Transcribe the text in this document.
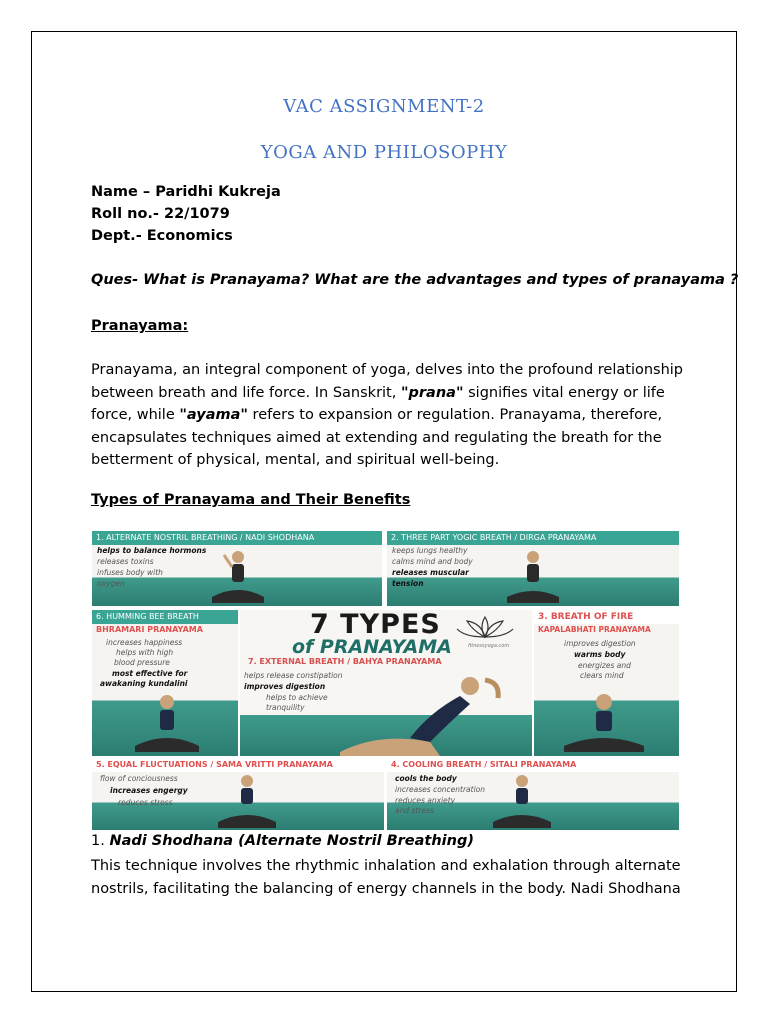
VAC ASSIGNMENT-2
YOGA AND PHILOSOPHY
Name – Paridhi Kukreja
Roll no.- 22/1079
Dept.- Economics
Ques- What is Pranayama? What are the advantages and types of pranayama ?
Pranayama:
Pranayama, an integral component of yoga, delves into the profound relationship between breath and life force. In Sanskrit, "prana" signifies vital energy or life force, while "ayama" refers to expansion or regulation. Pranayama, therefore, encapsulates techniques aimed at extending and regulating the breath for the betterment of physical, mental, and spiritual well-being.
Types of Pranayama and Their Benefits
1. ALTERNATE NOSTRIL BREATHING / NADI SHODHANA
helps to balance hormons
releases toxins
infuses body with
oxygen
2. THREE PART YOGIC BREATH / DIRGA PRANAYAMA
keeps lungs healthy
calms mind and body
releases muscular
tension
6. HUMMING BEE BREATH
BHRAMARI PRANAYAMA
increases happiness
helps with high
blood pressure
most effective for
awakaning kundalini
7 TYPES
of PRANAYAMA	fitnessyoga.com
7. EXTERNAL BREATH / BAHYA PRANAYAMA
helps release constipation
improves digestion
helps to achieve
tranquility
3. BREATH OF FIRE
KAPALABHATI PRANAYAMA
improves digestion
warms body
energizes and
clears mind
5. EQUAL FLUCTUATIONS / SAMA VRITTI PRANAYAMA
flow of conciousness
increases engergy
reduces stress
4. COOLING BREATH / SITALI PRANAYAMA
cools the body
increases concentration
reduces anxiety
and stress
1. Nadi Shodhana (Alternate Nostril Breathing)
This technique involves the rhythmic inhalation and exhalation through alternate nostrils, facilitating the balancing of energy channels in the body. Nadi Shodhana
